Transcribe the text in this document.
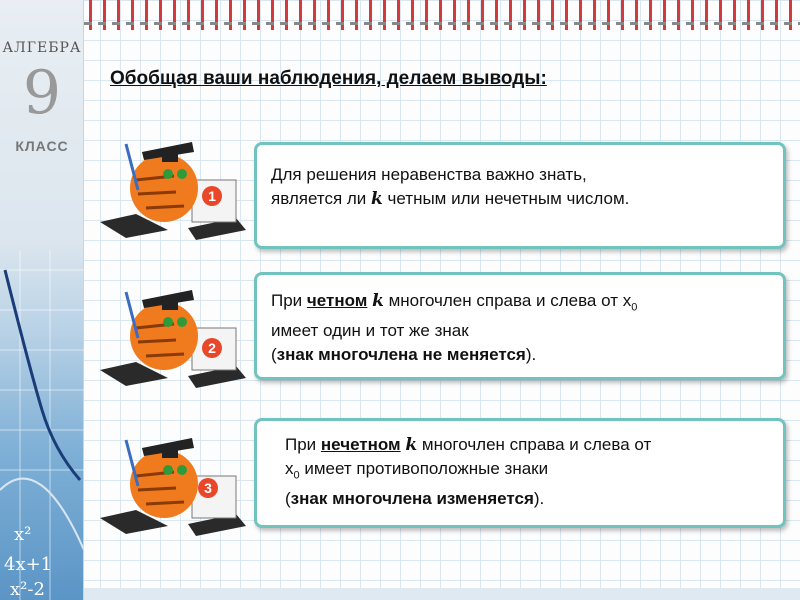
АЛГЕБРА
9
КЛАСС
x²
4x+1
x²-2
Обобщая ваши наблюдения, делаем выводы:
1
2
3

Для решения неравенства важно знать,

является ли k четным или нечетным числом.

При четном k многочлен справа и слева от $x_0$

имеет один и тот же знак

(знак многочлена не меняется).

При нечетном k многочлен справа и слева от

$x_0$ имеет противоположные знаки

(знак многочлена изменяется).
